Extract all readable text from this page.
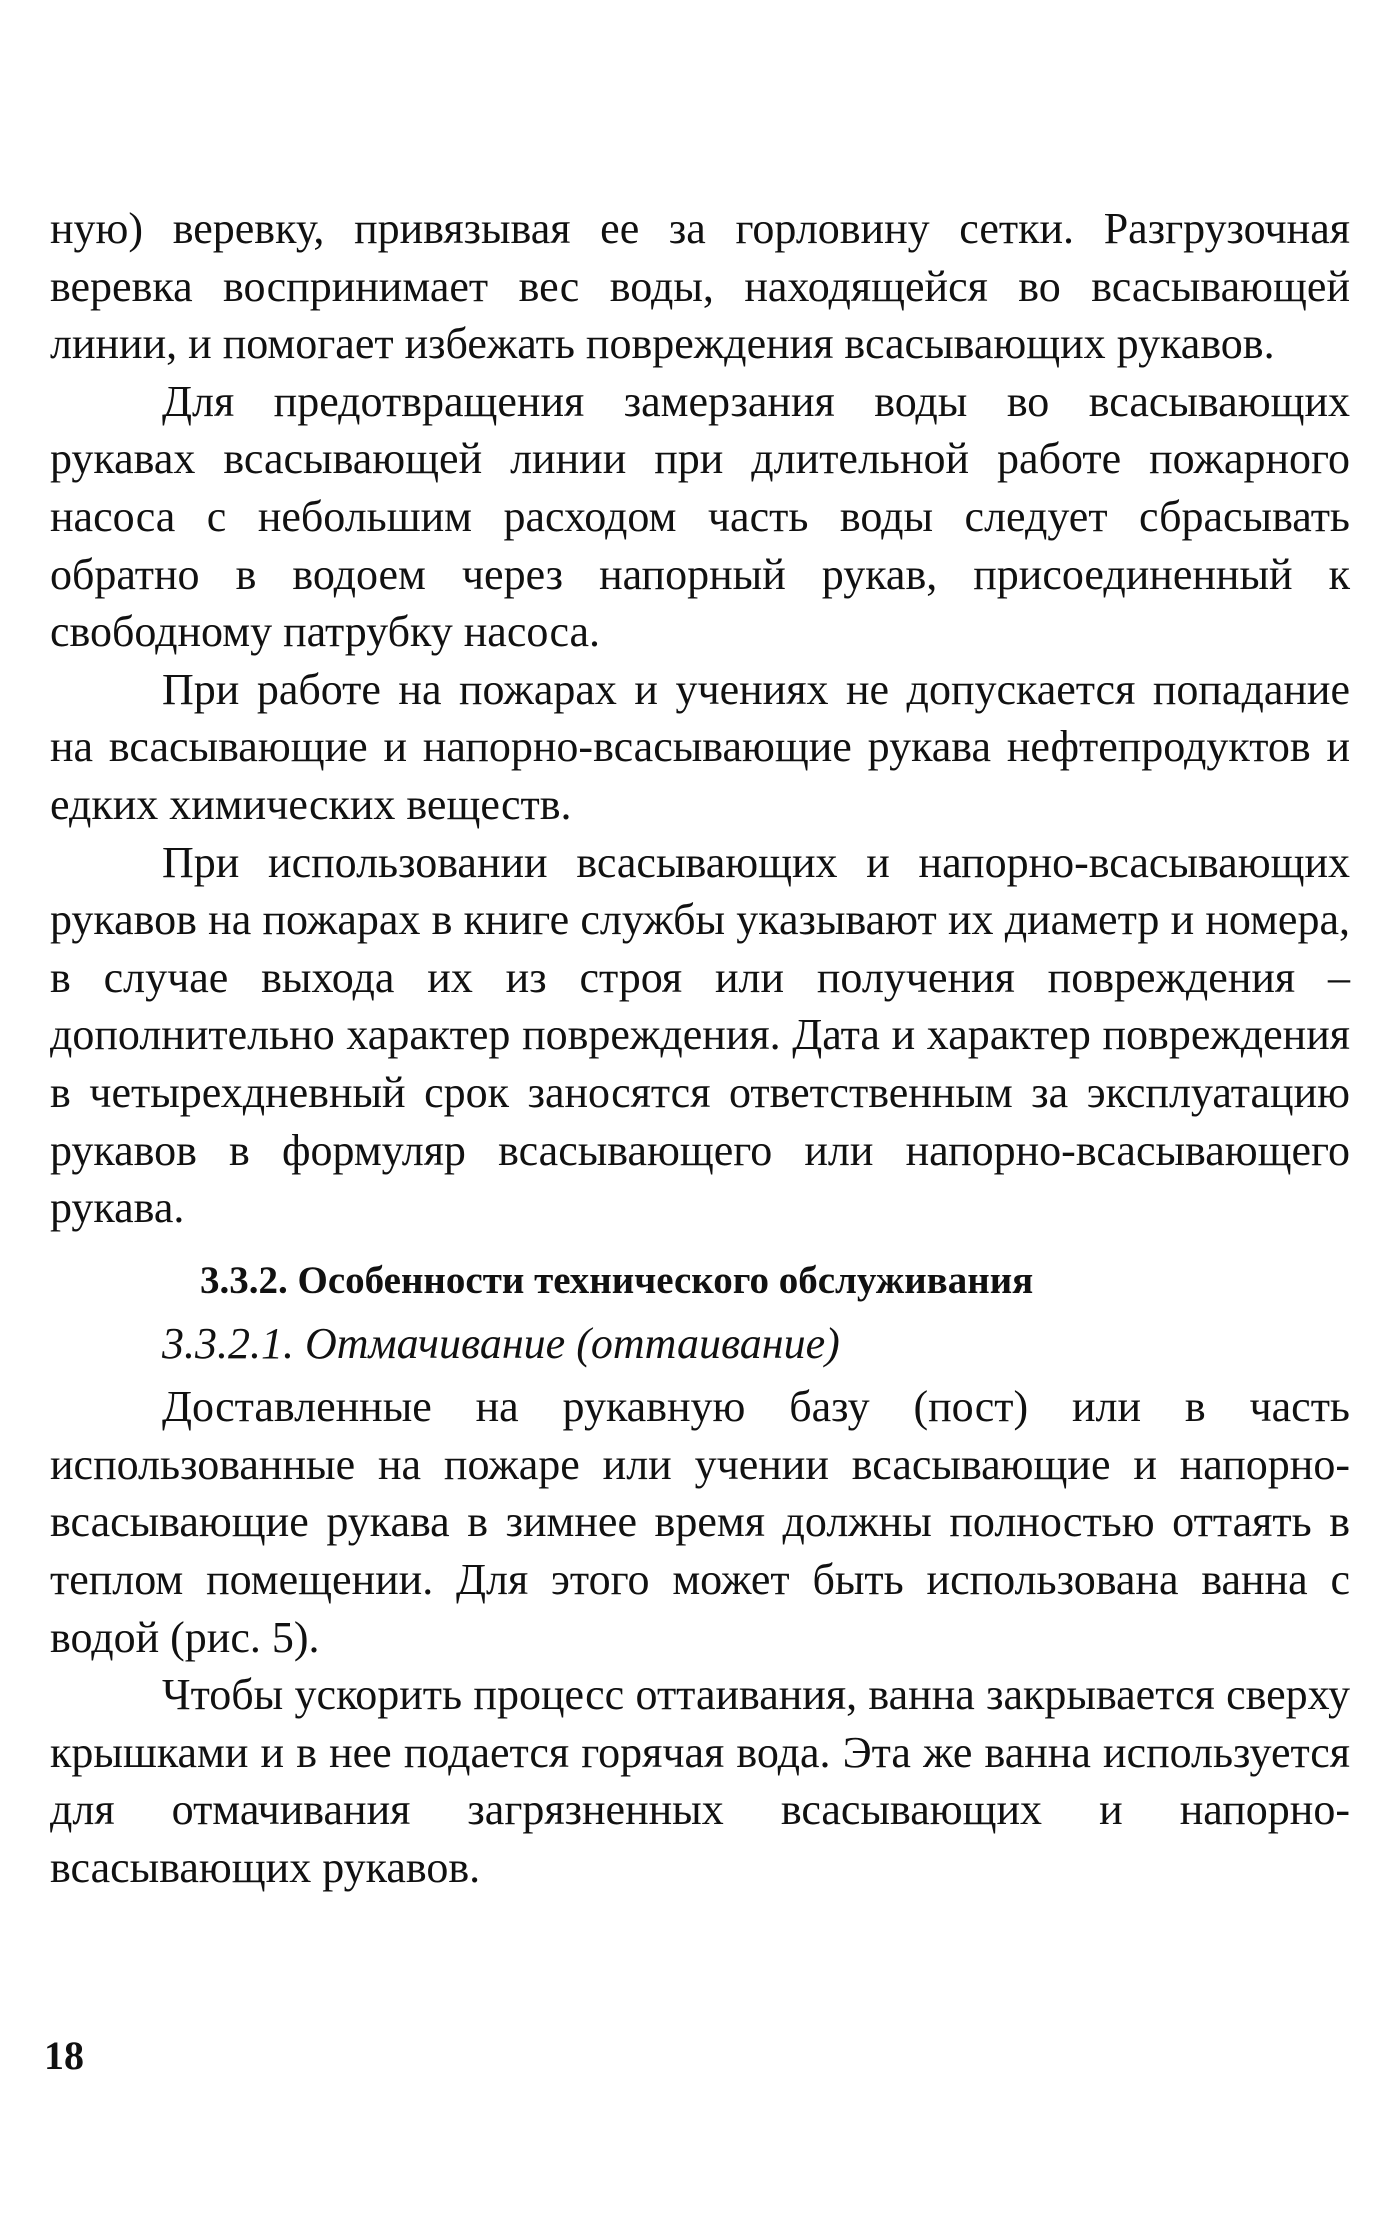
ную) веревку, привязывая ее за горловину сетки. Разгрузочная веревка воспринимает вес воды, находящейся во всасывающей линии, и помогает избежать повреждения всасывающих рукавов.

Для предотвращения замерзания воды во всасывающих рукавах всасывающей линии при длительной работе пожарного насоса с небольшим расходом часть воды следует сбрасывать обратно в водоем через напорный рукав, присоединенный к свободному патрубку насоса.

При работе на пожарах и учениях не допускается попадание на всасывающие и напорно-всасывающие рукава нефтепродуктов и едких химических веществ.

При использовании всасывающих и напорно-всасывающих рукавов на пожарах в книге службы указывают их диаметр и номера, в случае выхода их из строя или получения повреждения – дополнительно характер повреждения. Дата и характер повреждения в четырехдневный срок заносятся ответственным за эксплуатацию рукавов в формуляр всасывающего или напорно-всасывающего рукава.

3.3.2. Особенности технического обслуживания
3.3.2.1. Отмачивание (оттаивание)

Доставленные на рукавную базу (пост) или в часть использованные на пожаре или учении всасывающие и напорно-всасывающие рукава в зимнее время должны полностью оттаять в теплом помещении. Для этого может быть использована ванна с водой (рис. 5).

Чтобы ускорить процесс оттаивания, ванна закрывается сверху крышками и в нее подается горячая вода. Эта же ванна используется для отмачивания загрязненных всасывающих и напорно-всасывающих рукавов.

18
